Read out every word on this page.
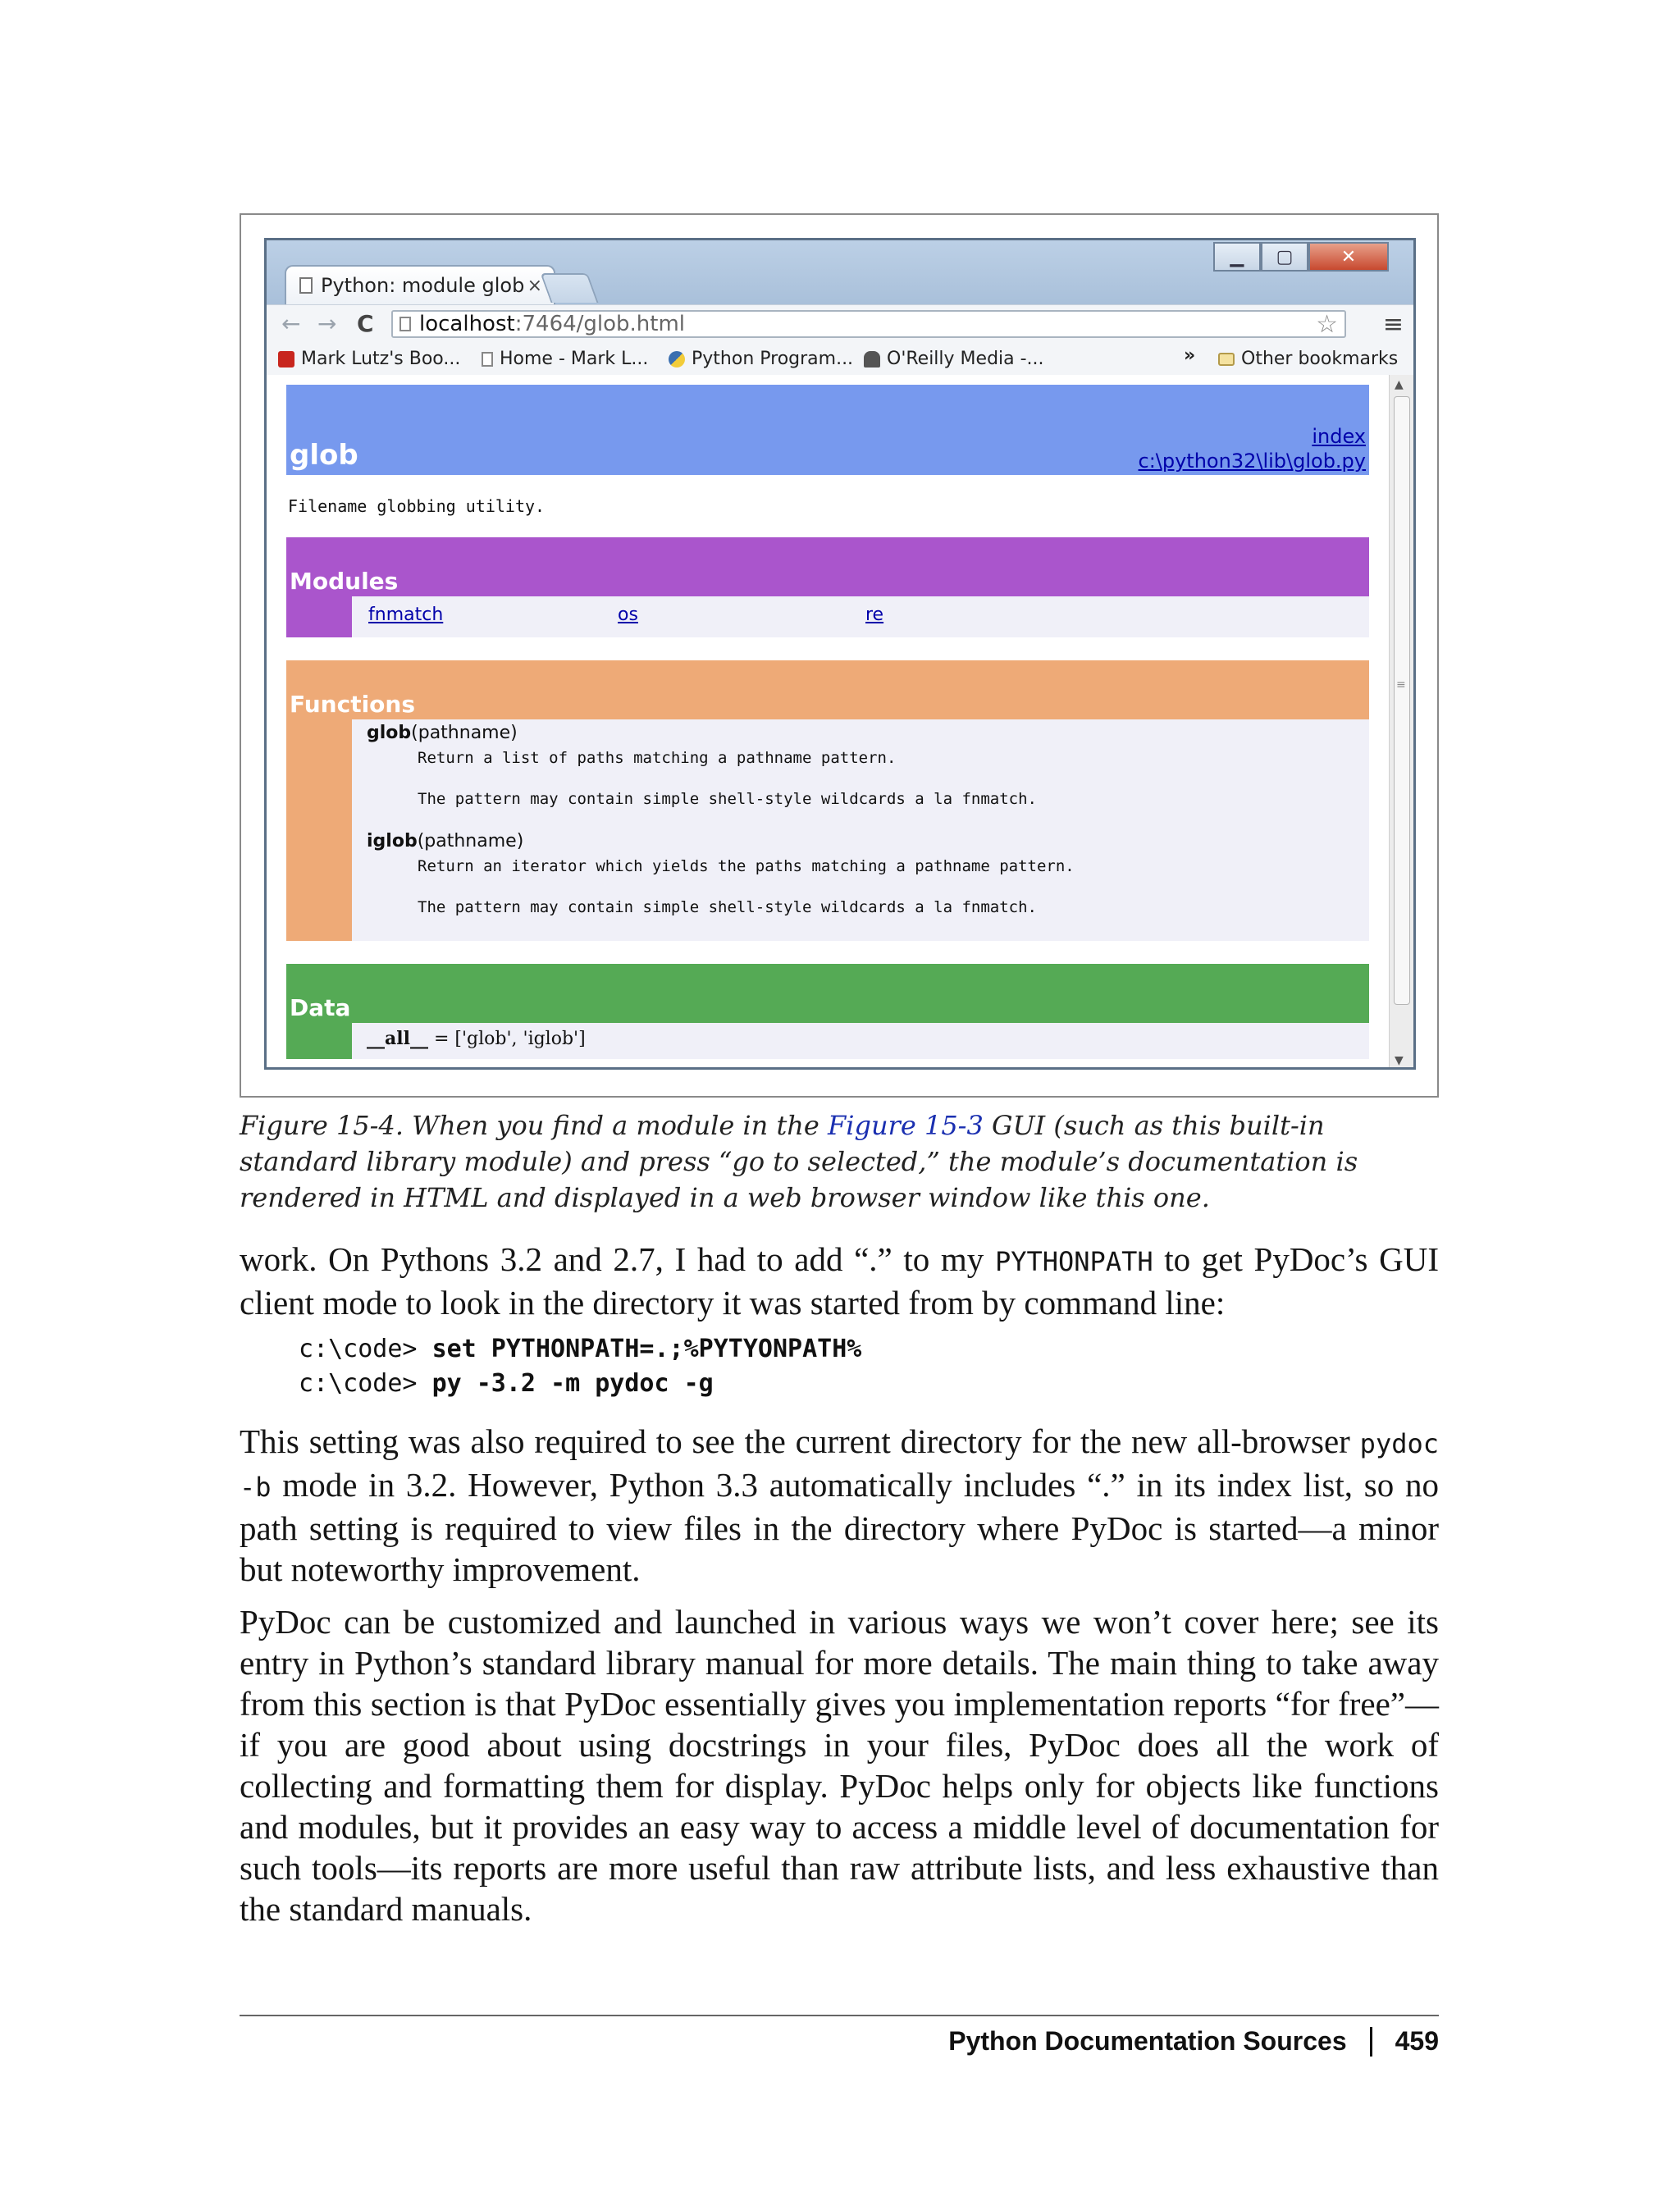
Python: module glob ×
▁	▢	✕
← → C localhost :7464/glob.html	☆ ≡
Mark Lutz's Boo... Home - Mark L... Python Program... O'Reilly Media -...	»	Other bookmarks
glob
index
c:\python32\lib\glob.py
Filename globbing utility.
Modules
fnmatch	os	re
Functions
glob(pathname)
Return a list of paths matching a pathname pattern.
The pattern may contain simple shell-style wildcards a la fnmatch.
iglob(pathname)
Return an iterator which yields the paths matching a pathname pattern.
The pattern may contain simple shell-style wildcards a la fnmatch.
Data
__all__ = ['glob', 'iglob']
▲
≡
▼
Figure 15-4. When you find a module in the Figure 15-3 GUI (such as this built-in standard library module) and press “go to selected,” the module’s documentation is rendered in HTML and displayed in a web browser window like this one.
work. On Pythons 3.2 and 2.7, I had to add “.” to my PYTHONPATH to get PyDoc’s GUI client mode to look in the directory it was started from by command line:
c:\code> set PYTHONPATH=.;%PYTYONPATH%
c:\code> py -3.2 -m pydoc -g
This setting was also required to see the current directory for the new all-browser pydoc -b mode in 3.2. However, Python 3.3 automatically includes “.” in its index list, so no path setting is required to view files in the directory where PyDoc is started—a minor but noteworthy improvement.
PyDoc can be customized and launched in various ways we won’t cover here; see its entry in Python’s standard library manual for more details. The main thing to take away from this section is that PyDoc essentially gives you implementation reports “for free”—if you are good about using docstrings in your files, PyDoc does all the work of collecting and formatting them for display. PyDoc helps only for objects like functions and modules, but it provides an easy way to access a middle level of documentation for such tools—its reports are more useful than raw attribute lists, and less exhaustive than the standard manuals.
Python Documentation Sources 459
